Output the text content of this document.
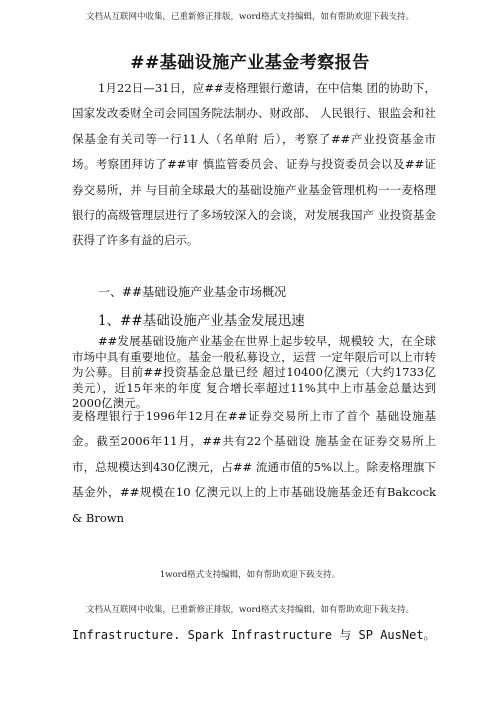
文档从互联网中收集，已重新修正排版，word格式支持编辑，如有帮助欢迎下载支持。
##基础设施产业基金考察报告

1月22日—31日，应##麦格理银行邀请，在中信集 团的协助下，国家发改委财全司会同国务院法制办、财政部、 人民银行、银监会和社保基金有关司等一行11人（名单附 后），考察了##产业投资基金市场。考察团拜访了##审 慎监管委员会、证券与投资委员会以及##证券交易所，并 与目前全球最大的基础设施产业基金管理机构一一麦格理 银行的高级管理层进行了多场较深入的会谈，对发展我国产 业投资基金获得了许多有益的启示。

一、##基础设施产业基金市场概况
1、##基础设施产业基金发展迅速

##发展基础设施产业基金在世界上起步较早，规模较 大，在全球市场中具有重要地位。基金一般私募设立，运营 一定年限后可以上市转为公募。目前##投资基金总量已经 超过10400亿澳元（大约1733亿美元），近15年来的年度 复合增长率超过11%其中上市基金总量达到2000亿澳元。

麦格理银行于1996年12月在##证券交易所上市了首个 基础设施基金。截至2006年11月，##共有22个基础设 施基金在证券交易所上市，总规模达到430亿澳元，占## 流通市值的5%以上。除麦格理旗下基金外，##规模在10 亿澳元以上的上市基础设施基金还有Bakcock & Brown

1word格式支持编辑，如有帮助欢迎下载支持。
文档从互联网中收集，已重新修正排版，word格式支持编辑，如有帮助欢迎下载支持。
Infrastructure. Spark Infrastructure 与 SP AusNet。
